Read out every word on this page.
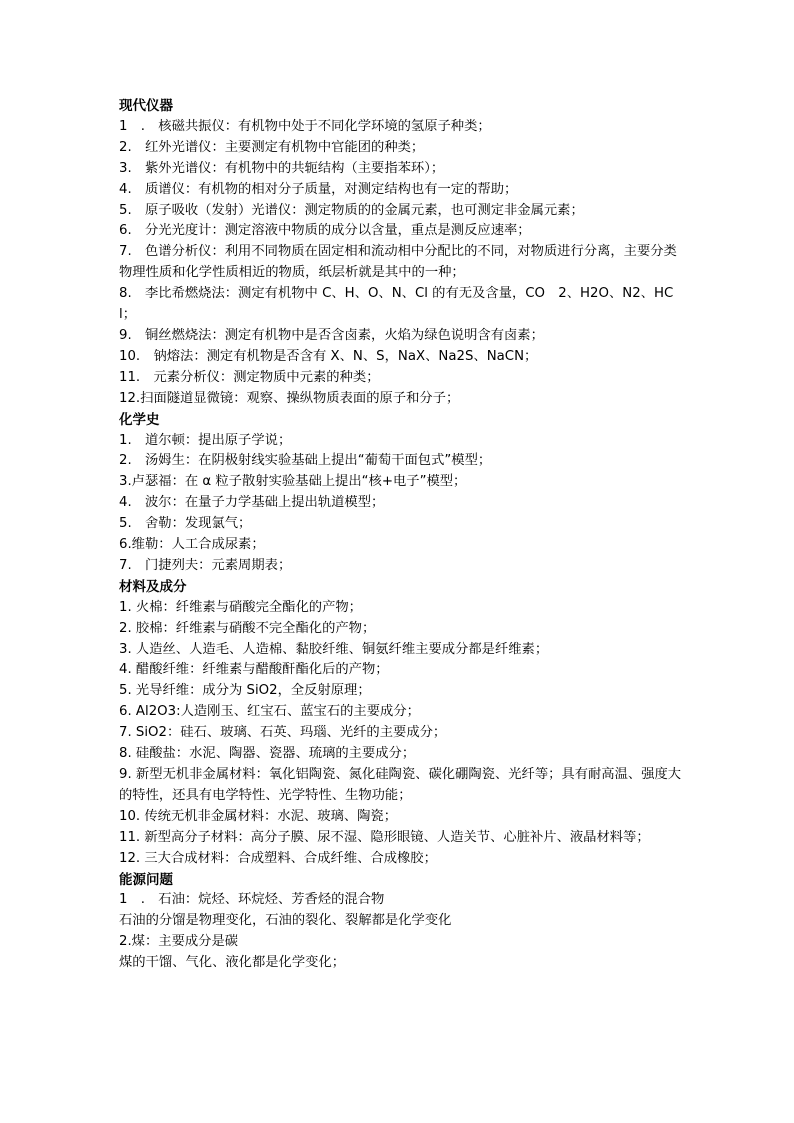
现代仪器
1　.　核磁共振仪：有机物中处于不同化学环境的氢原子种类；
2.　红外光谱仪：主要测定有机物中官能团的种类；
3.　紫外光谱仪：有机物中的共轭结构（主要指苯环）；
4.　质谱仪：有机物的相对分子质量，对测定结构也有一定的帮助；
5.　原子吸收（发射）光谱仪：测定物质的的金属元素，也可测定非金属元素；
6.　分光光度计：测定溶液中物质的成分以含量，重点是测反应速率；
7.　色谱分析仪：利用不同物质在固定相和流动相中分配比的不同，对物质进行分离，主要分类物理性质和化学性质相近的物质，纸层析就是其中的一种；
8.　李比希燃烧法：测定有机物中 C、H、O、N、Cl 的有无及含量，CO　2、H2O、N2、HCl；
9.　铜丝燃烧法：测定有机物中是否含卤素，火焰为绿色说明含有卤素；
10.　钠熔法：测定有机物是否含有 X、N、S，NaX、Na2S、NaCN；
11.　元素分析仪：测定物质中元素的种类；
12.扫面隧道显微镜：观察、操纵物质表面的原子和分子；
化学史
1.　道尔顿：提出原子学说；
2.　汤姆生：在阴极射线实验基础上提出“葡萄干面包式”模型；
3.卢瑟福：在 α 粒子散射实验基础上提出“核+电子”模型；
4.　波尔：在量子力学基础上提出轨道模型；
5.　舍勒：发现氯气；
6.维勒：人工合成尿素；
7.　门捷列夫：元素周期表；
材料及成分
1. 火棉：纤维素与硝酸完全酯化的产物；
2. 胶棉：纤维素与硝酸不完全酯化的产物；
3. 人造丝、人造毛、人造棉、黏胶纤维、铜氨纤维主要成分都是纤维素；
4. 醋酸纤维：纤维素与醋酸酐酯化后的产物；
5. 光导纤维：成分为 SiO2，全反射原理；
6. Al2O3:人造刚玉、红宝石、蓝宝石的主要成分；
7. SiO2：硅石、玻璃、石英、玛瑙、光纤的主要成分；
8. 硅酸盐：水泥、陶器、瓷器、琉璃的主要成分；
9. 新型无机非金属材料：氧化铝陶瓷、氮化硅陶瓷、碳化硼陶瓷、光纤等；具有耐高温、强度大的特性，还具有电学特性、光学特性、生物功能；
10. 传统无机非金属材料：水泥、玻璃、陶瓷；
11. 新型高分子材料：高分子膜、尿不湿、隐形眼镜、人造关节、心脏补片、液晶材料等；
12. 三大合成材料：合成塑料、合成纤维、合成橡胶；
能源问题
1　.　石油：烷烃、环烷烃、芳香烃的混合物
石油的分馏是物理变化，石油的裂化、裂解都是化学变化
2.煤：主要成分是碳
煤的干馏、气化、液化都是化学变化；
